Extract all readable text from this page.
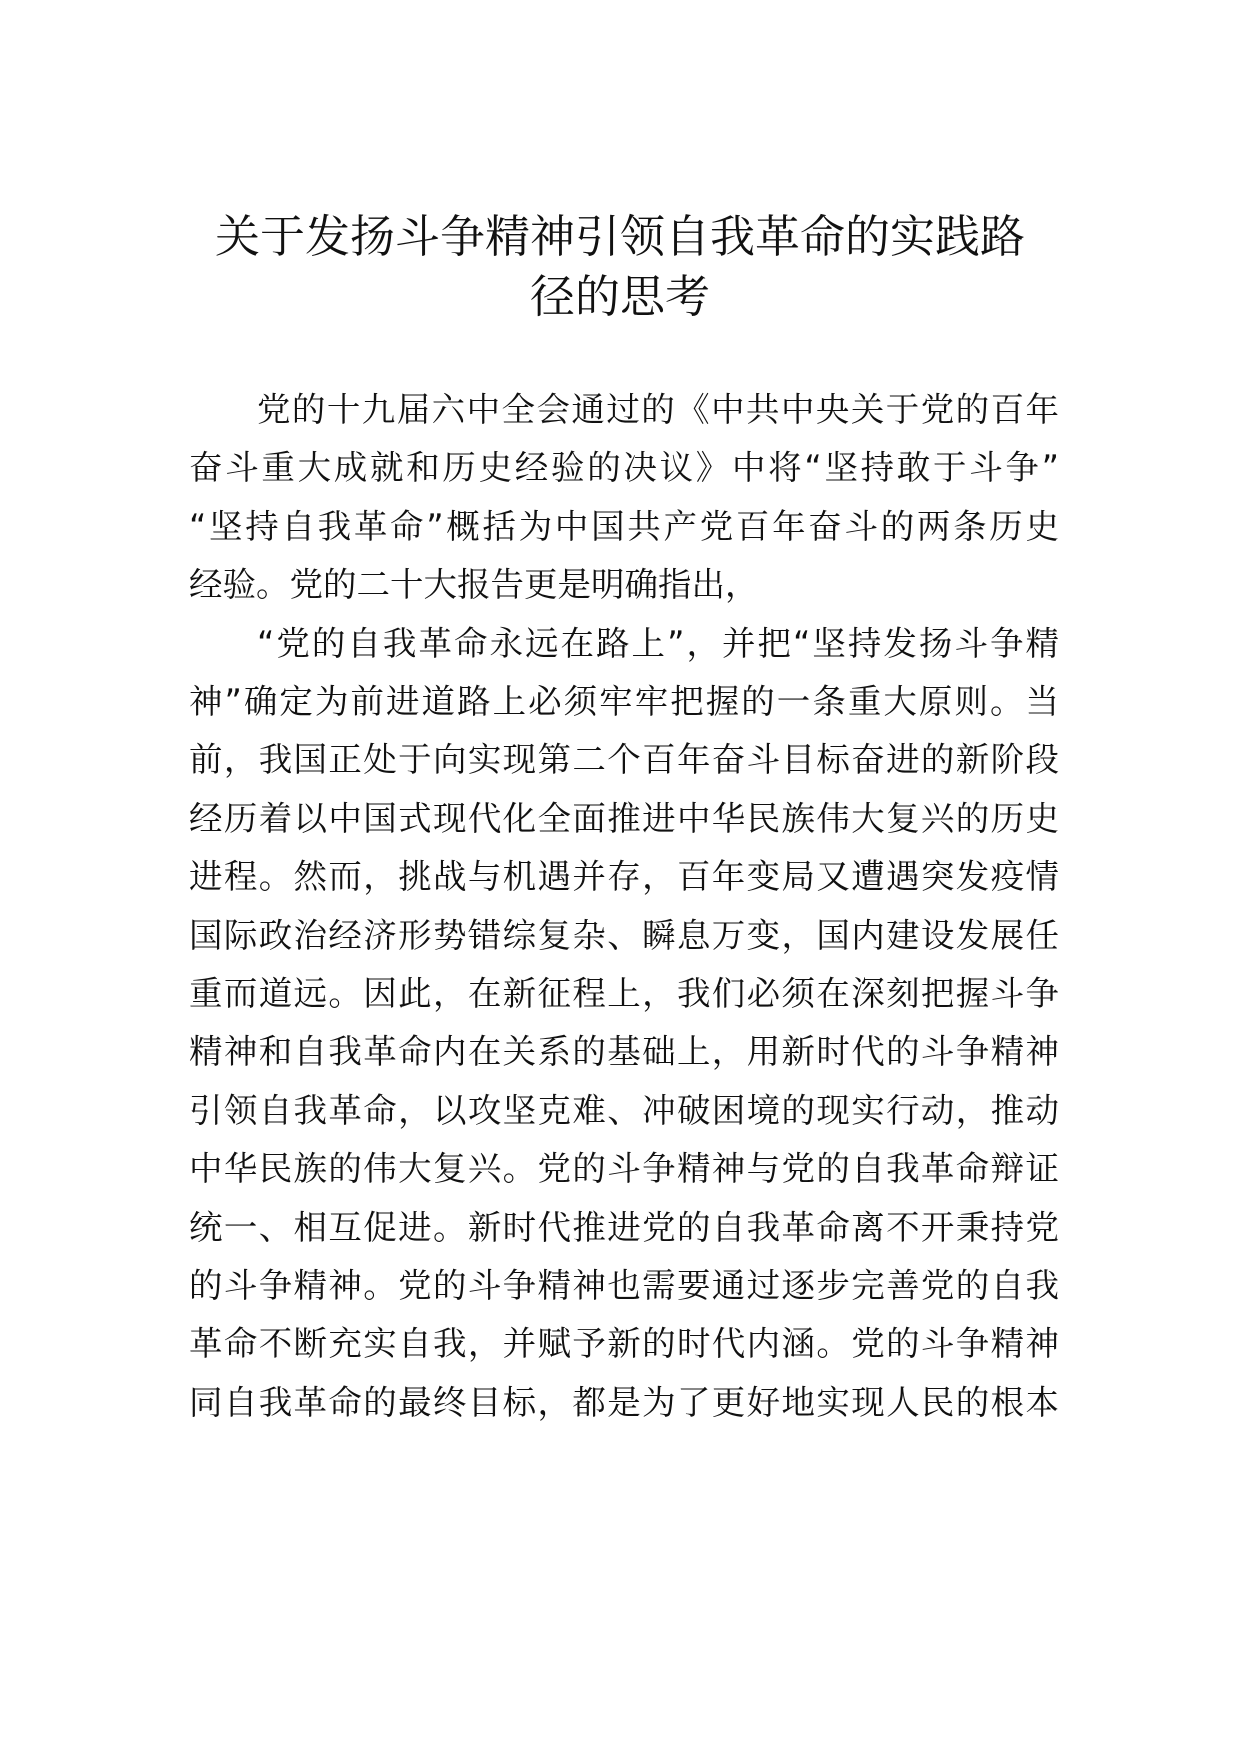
关于发扬斗争精神引领自我革命的实践路
径的思考
党的十九届六中全会通过的《中共中央关于党的百年
奋斗重大成就和历史经验的决议》中将“坚持敢于斗争”
“坚持自我革命”概括为中国共产党百年奋斗的两条历史
经验。党的二十大报告更是明确指出，
“党的自我革命永远在路上”，并把“坚持发扬斗争精
神”确定为前进道路上必须牢牢把握的一条重大原则。当
前，我国正处于向实现第二个百年奋斗目标奋进的新阶段
经历着以中国式现代化全面推进中华民族伟大复兴的历史
进程。然而，挑战与机遇并存，百年变局又遭遇突发疫情
国际政治经济形势错综复杂、瞬息万变，国内建设发展任
重而道远。因此，在新征程上，我们必须在深刻把握斗争
精神和自我革命内在关系的基础上，用新时代的斗争精神
引领自我革命，以攻坚克难、冲破困境的现实行动，推动
中华民族的伟大复兴。党的斗争精神与党的自我革命辩证
统一、相互促进。新时代推进党的自我革命离不开秉持党
的斗争精神。党的斗争精神也需要通过逐步完善党的自我
革命不断充实自我，并赋予新的时代内涵。党的斗争精神
同自我革命的最终目标，都是为了更好地实现人民的根本
